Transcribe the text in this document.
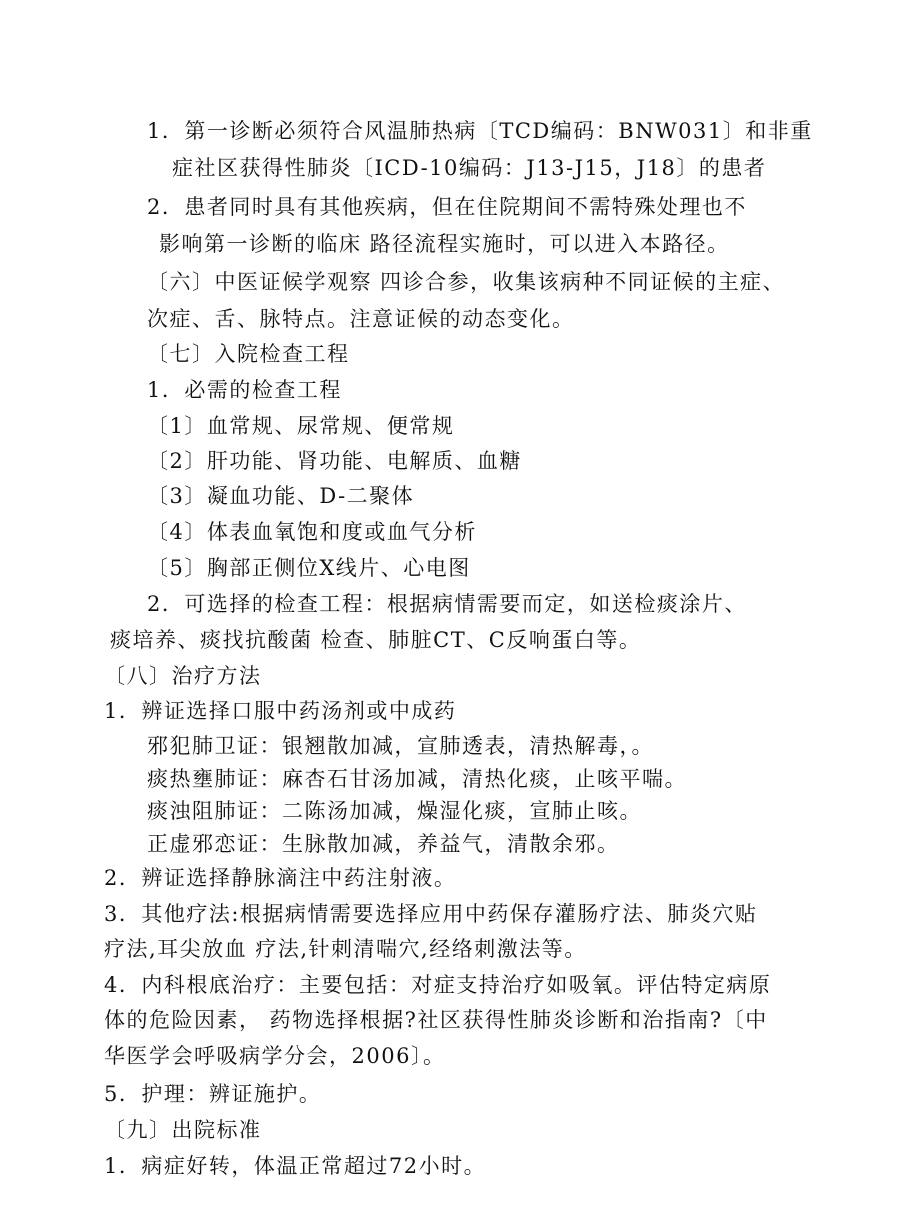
1．第一诊断必须符合风温肺热病〔TCD编码：BNW031〕和非重
症社区获得性肺炎〔ICD-10编码：J13-J15，J18〕的患者
2．患者同时具有其他疾病，但在住院期间不需特殊处理也不
影响第一诊断的临床 路径流程实施时，可以进入本路径。
〔六〕中医证候学观察 四诊合参，收集该病种不同证候的主症、
次症、舌、脉特点。注意证候的动态变化。
〔七〕入院检查工程
1．必需的检查工程
〔1〕血常规、尿常规、便常规
〔2〕肝功能、肾功能、电解质、血糖
〔3〕凝血功能、D-二聚体
〔4〕体表血氧饱和度或血气分析
〔5〕胸部正侧位X线片、心电图
2．可选择的检查工程：根据病情需要而定，如送检痰涂片、
痰培养、痰找抗酸菌 检查、肺脏CT、C反响蛋白等。
〔八〕治疗方法
1．辨证选择口服中药汤剂或中成药
邪犯肺卫证：银翘散加减，宣肺透表，清热解毒，。
痰热壅肺证：麻杏石甘汤加减，清热化痰，止咳平喘。
痰浊阻肺证：二陈汤加减，燥湿化痰，宣肺止咳。
正虚邪恋证：生脉散加减，养益气，清散余邪。
2．辨证选择静脉滴注中药注射液。
3．其他疗法:根据病情需要选择应用中药保存灌肠疗法、肺炎穴贴
疗法,耳尖放血 疗法,针刺清喘穴,经络刺激法等。
4．内科根底治疗：主要包括：对症支持治疗如吸氧。评估特定病原
体的危险因素， 药物选择根据?社区获得性肺炎诊断和治指南?〔中
华医学会呼吸病学分会，2006〕。
5．护理：辨证施护。
〔九〕出院标准
1．病症好转，体温正常超过72小时。
